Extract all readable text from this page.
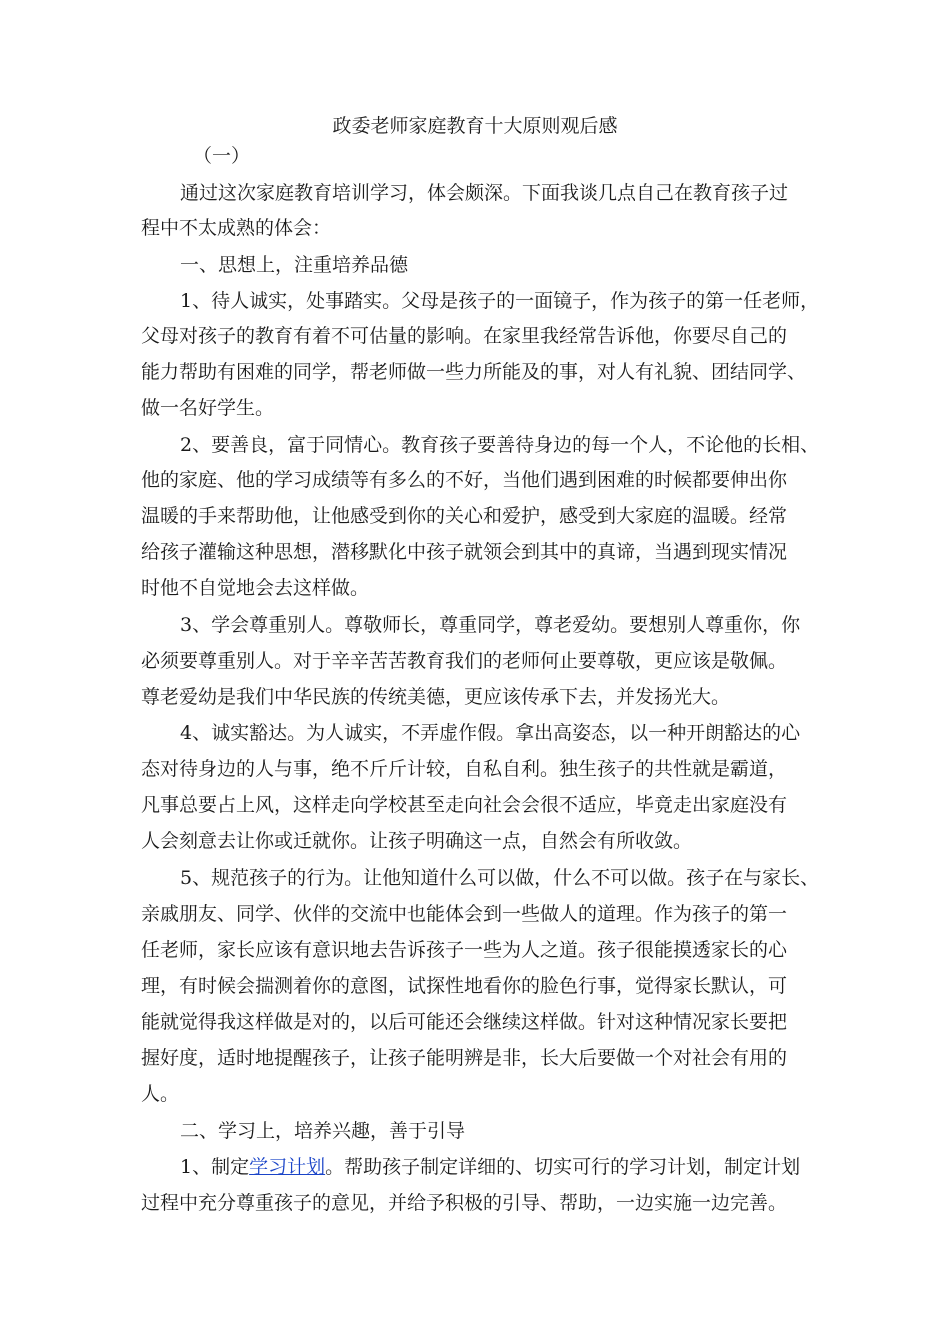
政委老师家庭教育十大原则观后感
（一）
通过这次家庭教育培训学习，体会颇深。下面我谈几点自己在教育孩子过
程中不太成熟的体会：
一、思想上，注重培养品德
1、待人诚实，处事踏实。父母是孩子的一面镜子，作为孩子的第一任老师，
父母对孩子的教育有着不可估量的影响。在家里我经常告诉他，你要尽自己的
能力帮助有困难的同学，帮老师做一些力所能及的事，对人有礼貌、团结同学、
做一名好学生。
2、要善良，富于同情心。教育孩子要善待身边的每一个人，不论他的长相、
他的家庭、他的学习成绩等有多么的不好，当他们遇到困难的时候都要伸出你
温暖的手来帮助他，让他感受到你的关心和爱护，感受到大家庭的温暖。经常
给孩子灌输这种思想，潜移默化中孩子就领会到其中的真谛，当遇到现实情况
时他不自觉地会去这样做。
3、学会尊重别人。尊敬师长，尊重同学，尊老爱幼。要想别人尊重你，你
必须要尊重别人。对于辛辛苦苦教育我们的老师何止要尊敬，更应该是敬佩。
尊老爱幼是我们中华民族的传统美德，更应该传承下去，并发扬光大。
4、诚实豁达。为人诚实，不弄虚作假。拿出高姿态，以一种开朗豁达的心
态对待身边的人与事，绝不斤斤计较，自私自利。独生孩子的共性就是霸道，
凡事总要占上风，这样走向学校甚至走向社会会很不适应，毕竟走出家庭没有
人会刻意去让你或迁就你。让孩子明确这一点，自然会有所收敛。
5、规范孩子的行为。让他知道什么可以做，什么不可以做。孩子在与家长、
亲戚朋友、同学、伙伴的交流中也能体会到一些做人的道理。作为孩子的第一
任老师，家长应该有意识地去告诉孩子一些为人之道。孩子很能摸透家长的心
理，有时候会揣测着你的意图，试探性地看你的脸色行事，觉得家长默认，可
能就觉得我这样做是对的，以后可能还会继续这样做。针对这种情况家长要把
握好度，适时地提醒孩子，让孩子能明辨是非，长大后要做一个对社会有用的
人。
二、学习上，培养兴趣，善于引导
1、制定学习计划。帮助孩子制定详细的、切实可行的学习计划，制定计划
过程中充分尊重孩子的意见，并给予积极的引导、帮助，一边实施一边完善。
